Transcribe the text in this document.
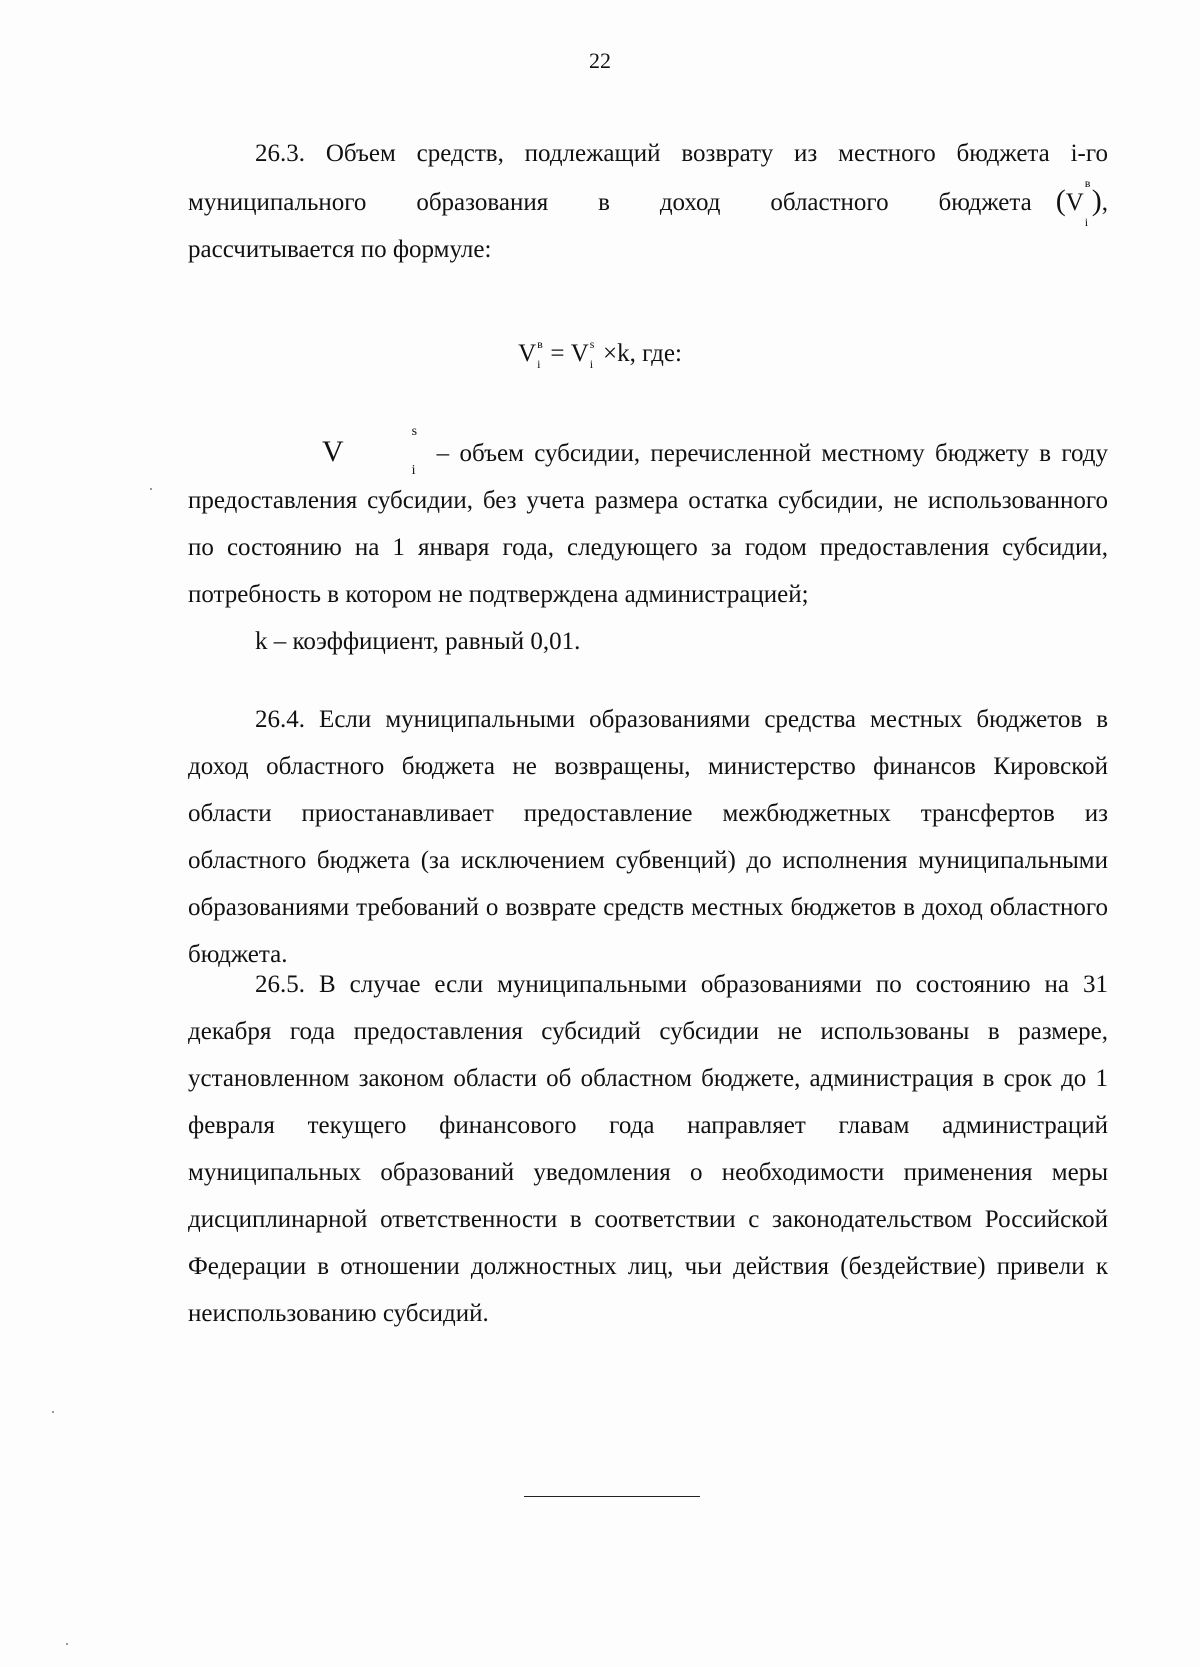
22

26.3. Объем средств, подлежащий возврату из местного бюджета i-го

муниципального образования в доход областного бюджета (V
в
i
),

рассчитывается по формуле:

V в
i = V s
i ×k, где:

V
s
i
– объем субсидии, перечисленной местному бюджету в году

предоставления субсидии, без учета размера остатка субсидии, не использованного по состоянию на 1 января года, следующего за годом предоставления субсидии, потребность в котором не подтверждена администрацией;

k – коэффициент, равный 0,01.

26.4. Если муниципальными образованиями средства местных бюджетов в доход областного бюджета не возвращены, министерство финансов Кировской области приостанавливает предоставление межбюджетных трансфертов из областного бюджета (за исключением субвенций) до исполнения муниципальными образованиями требований о возврате средств местных бюджетов в доход областного бюджета.

26.5. В случае если муниципальными образованиями по состоянию на 31 декабря года предоставления субсидий субсидии не использованы в размере, установленном законом области об областном бюджете, администрация в срок до 1 февраля текущего финансового года направляет главам администраций муниципальных образований уведомления о необходимости применения меры дисциплинарной ответственности в соответствии с законодательством Российской Федерации в отношении должностных лиц, чьи действия (бездействие) привели к неиспользованию субсидий.
